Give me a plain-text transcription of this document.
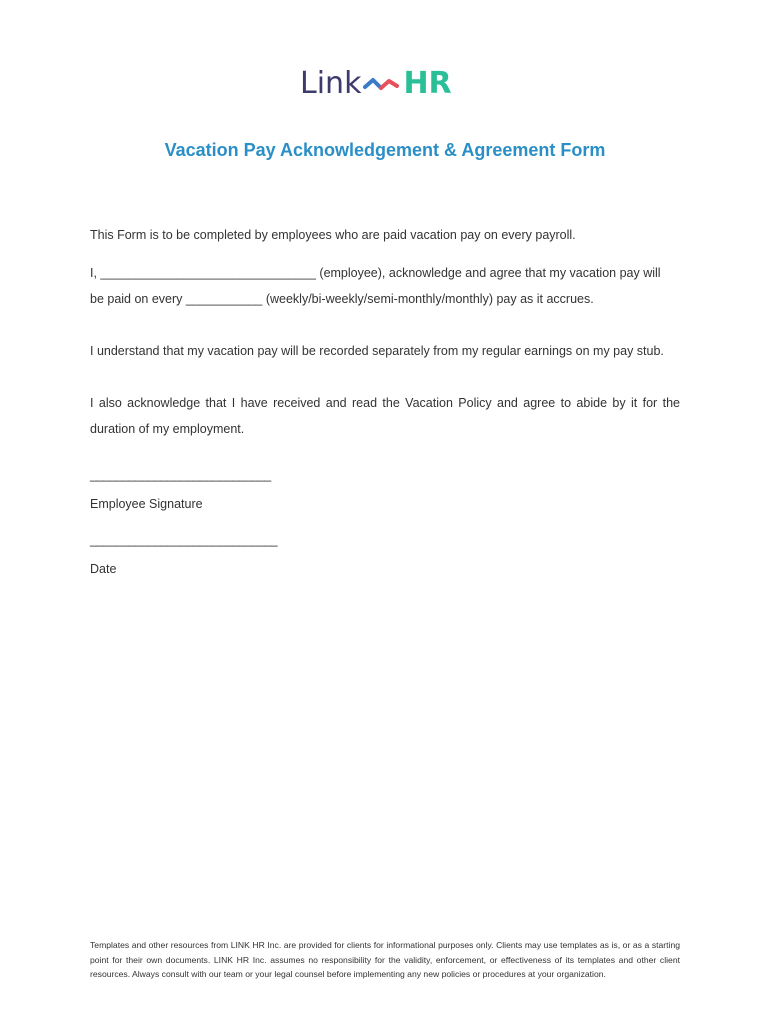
Link HR
Vacation Pay Acknowledgement & Agreement Form
This Form is to be completed by employees who are paid vacation pay on every payroll.
I, _______________________________ (employee), acknowledge and agree that my vacation pay will
be paid on every ___________ (weekly/bi-weekly/semi-monthly/monthly) pay as it accrues.
I understand that my vacation pay will be recorded separately from my regular earnings on my pay stub.
I also acknowledge that I have received and read the Vacation Policy and agree to abide by it for the duration of my employment.
____________________________
Employee Signature
_____________________________
Date
Templates and other resources from LINK HR Inc. are provided for clients for informational purposes only. Clients may use templates as is, or as a starting point for their own documents. LINK HR Inc. assumes no responsibility for the validity, enforcement, or effectiveness of its templates and other client resources. Always consult with our team or your legal counsel before implementing any new policies or procedures at your organization.
